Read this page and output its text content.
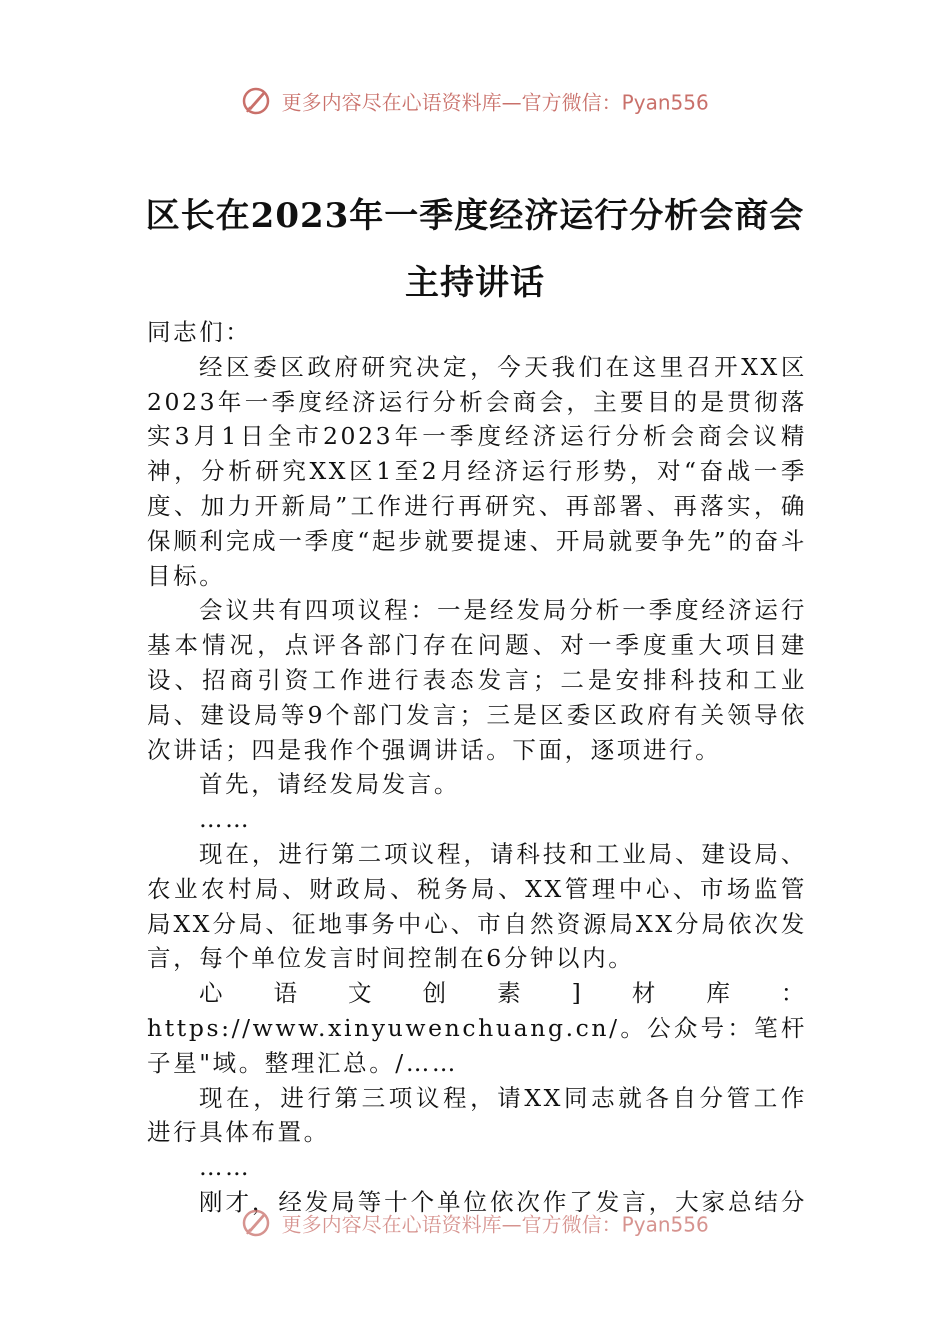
更多内容尽在心语资料库—官方微信：Pyan556
区长在2023年一季度经济运行分析会商会
主持讲话

同志们：

经区委区政府研究决定，今天我们在这里召开XX区2023年一季度经济运行分析会商会，主要目的是贯彻落实3月1日全市2023年一季度经济运行分析会商会议精神，分析研究XX区1至2月经济运行形势，对“奋战一季度、加力开新局”工作进行再研究、再部署、再落实，确保顺利完成一季度“起步就要提速、开局就要争先”的奋斗目标。

会议共有四项议程：一是经发局分析一季度经济运行基本情况，点评各部门存在问题、对一季度重大项目建设、招商引资工作进行表态发言；二是安排科技和工业局、建设局等9个部门发言；三是区委区政府有关领导依次讲话；四是我作个强调讲话。下面，逐项进行。

首先，请经发局发言。

……

现在，进行第二项议程，请科技和工业局、建设局、农业农村局、财政局、税务局、XX管理中心、市场监管局XX分局、征地事务中心、市自然资源局XX分局依次发言，每个单位发言时间控制在6分钟以内。

心语文创素]材库：https://www.xinyuwenchuang.cn/。公众号：笔杆子星"域。整理汇总。/……

现在，进行第三项议程，请XX同志就各自分管工作进行具体布置。

……

刚才，经发局等十个单位依次作了发言，大家总结分

更多内容尽在心语资料库—官方微信：Pyan556
